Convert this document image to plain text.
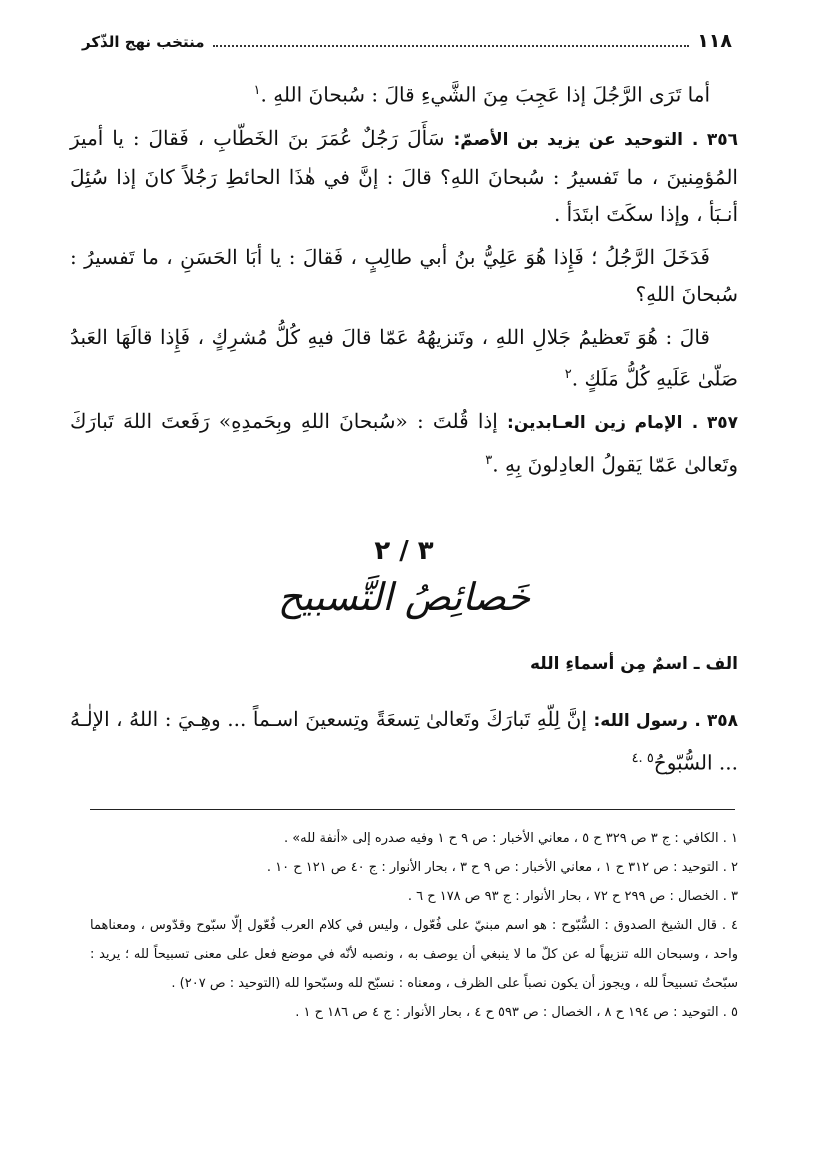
١١٨
منتخب نهج الذّكر

أما تَرَى الرَّجُلَ إذا عَجِبَ مِنَ الشَّيءِ قالَ : سُبحانَ اللهِ .$^١$

٣٥٦ . التوحيد عن يزيد بن الأصمّ: سَأَلَ رَجُلٌ عُمَرَ بنَ الخَطّابِ ، فَقالَ : يا أميرَ المُؤمِنينَ ، ما تَفسيرُ : سُبحانَ اللهِ؟ قالَ : إنَّ في هٰذَا الحائطِ رَجُلاً كانَ إذا سُئِلَ أنـبَأ ، وإذا سكَتَ ابتَدَأ .

فَدَخَلَ الرَّجُلُ ؛ فَإِذا هُوَ عَلِيُّ بنُ أبي طالِبٍ ، فَقالَ : يا أبَا الحَسَنِ ، ما تَفسيرُ : سُبحانَ اللهِ؟

قالَ : هُوَ تَعظيمُ جَلالِ اللهِ ، وتَنزيهُهُ عَمّا قالَ فيهِ كُلُّ مُشرِكٍ ، فَإِذا قالَهَا العَبدُ صَلّىٰ عَلَيهِ كُلُّ مَلَكٍ .$^٢$

٣٥٧ . الإمام زين العـابدين: إذا قُلتَ : «سُبحانَ اللهِ وبِحَمدِهِ» رَفَعتَ اللهَ تَبارَكَ وتَعالىٰ عَمّا يَقولُ العادِلونَ بِهِ .$^٣$

٣ / ٢
خَصائِصُ التَّسبيح
الف ـ اسمٌ مِن أسماءِ الله

٣٥٨ . رسول الله: إنَّ لِلّهِ تَبارَكَ وتَعالىٰ تِسعَةً وتِسعينَ اسـماً ... وهِـيَ : اللهُ ، الإلٰـهُ ... السُّبّوحُ$^{٥ .٤}$

١ . الكافي : ج ٣ ص ٣٢٩ ح ٥ ، معاني الأخبار : ص ٩ ح ١ وفيه صدره إلى «أنفة لله» .

٢ . التوحيد : ص ٣١٢ ح ١ ، معاني الأخبار : ص ٩ ح ٣ ، بحار الأنوار : ج ٤٠ ص ١٢١ ح ١٠ .

٣ . الخصال : ص ٢٩٩ ح ٧٢ ، بحار الأنوار : ج ٩٣ ص ١٧٨ ح ٦ .

٤ . قال الشيخ الصدوق : السُّبّوح : هو اسم مبنيّ على فُعّول ، وليس في كلام العرب فُعّول إلّا سبّوح وقدّوس ، ومعناهما واحد ، وسبحان الله تنزيهاً له عن كلّ ما لا ينبغي أن يوصف به ، ونصبه لأنّه في موضع فعل على معنى تسبيحاً لله ؛ يريد : سبّحتُ تسبيحاً لله ، ويجوز أن يكون نصباً على الظرف ، ومعناه : نسبّح لله وسبّحوا لله (التوحيد : ص ٢٠٧) .

٥ . التوحيد : ص ١٩٤ ح ٨ ، الخصال : ص ٥٩٣ ح ٤ ، بحار الأنوار : ج ٤ ص ١٨٦ ح ١ .
